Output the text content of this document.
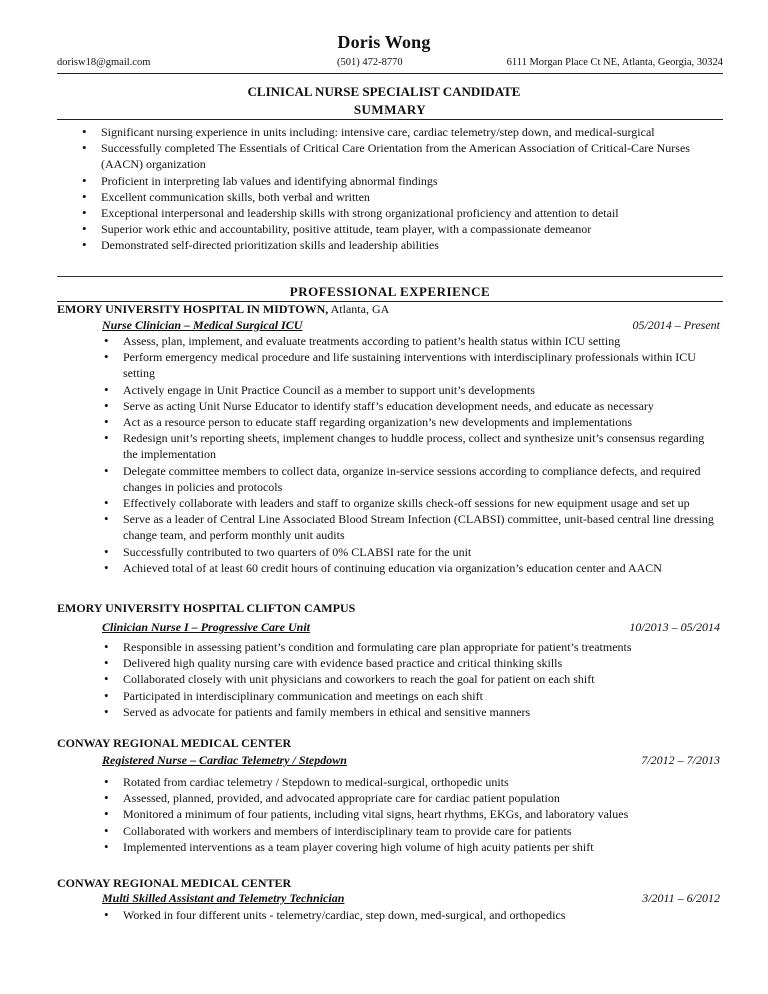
Doris Wong
dorisw18@gmail.com	(501) 472-8770	6111 Morgan Place Ct NE, Atlanta, Georgia, 30324
CLINICAL NURSE SPECIALIST CANDIDATE
SUMMARY
• Significant nursing experience in units including: intensive care, cardiac telemetry/step down, and medical-surgical
• Successfully completed The Essentials of Critical Care Orientation from the American Association of Critical-Care Nurses (AACN) organization
• Proficient in interpreting lab values and identifying abnormal findings
• Excellent communication skills, both verbal and written
• Exceptional interpersonal and leadership skills with strong organizational proficiency and attention to detail
• Superior work ethic and accountability, positive attitude, team player, with a compassionate demeanor
• Demonstrated self-directed prioritization skills and leadership abilities
PROFESSIONAL EXPERIENCE
EMORY UNIVERSITY HOSPITAL IN MIDTOWN, Atlanta, GA
Nurse Clinician – Medical Surgical ICU	05/2014 – Present
• Assess, plan, implement, and evaluate treatments according to patient’s health status within ICU setting
• Perform emergency medical procedure and life sustaining interventions with interdisciplinary professionals within ICU setting
• Actively engage in Unit Practice Council as a member to support unit’s developments
• Serve as acting Unit Nurse Educator to identify staff’s education development needs, and educate as necessary
• Act as a resource person to educate staff regarding organization’s new developments and implementations
• Redesign unit’s reporting sheets, implement changes to huddle process, collect and synthesize unit’s consensus regarding the implementation
• Delegate committee members to collect data, organize in-service sessions according to compliance defects, and required changes in policies and protocols
• Effectively collaborate with leaders and staff to organize skills check-off sessions for new equipment usage and set up
• Serve as a leader of Central Line Associated Blood Stream Infection (CLABSI) committee, unit-based central line dressing change team, and perform monthly unit audits
• Successfully contributed to two quarters of 0% CLABSI rate for the unit
• Achieved total of at least 60 credit hours of continuing education via organization’s education center and AACN
EMORY UNIVERSITY HOSPITAL CLIFTON CAMPUS
Clinician Nurse I – Progressive Care Unit	10/2013 – 05/2014
• Responsible in assessing patient’s condition and formulating care plan appropriate for patient’s treatments
• Delivered high quality nursing care with evidence based practice and critical thinking skills
• Collaborated closely with unit physicians and coworkers to reach the goal for patient on each shift
• Participated in interdisciplinary communication and meetings on each shift
• Served as advocate for patients and family members in ethical and sensitive manners
CONWAY REGIONAL MEDICAL CENTER
Registered Nurse – Cardiac Telemetry / Stepdown	7/2012 – 7/2013
• Rotated from cardiac telemetry / Stepdown to medical-surgical, orthopedic units
• Assessed, planned, provided, and advocated appropriate care for cardiac patient population
• Monitored a minimum of four patients, including vital signs, heart rhythms, EKGs, and laboratory values
• Collaborated with workers and members of interdisciplinary team to provide care for patients
• Implemented interventions as a team player covering high volume of high acuity patients per shift
CONWAY REGIONAL MEDICAL CENTER
Multi Skilled Assistant and Telemetry Technician	3/2011 – 6/2012
• Worked in four different units - telemetry/cardiac, step down, med-surgical, and orthopedics
